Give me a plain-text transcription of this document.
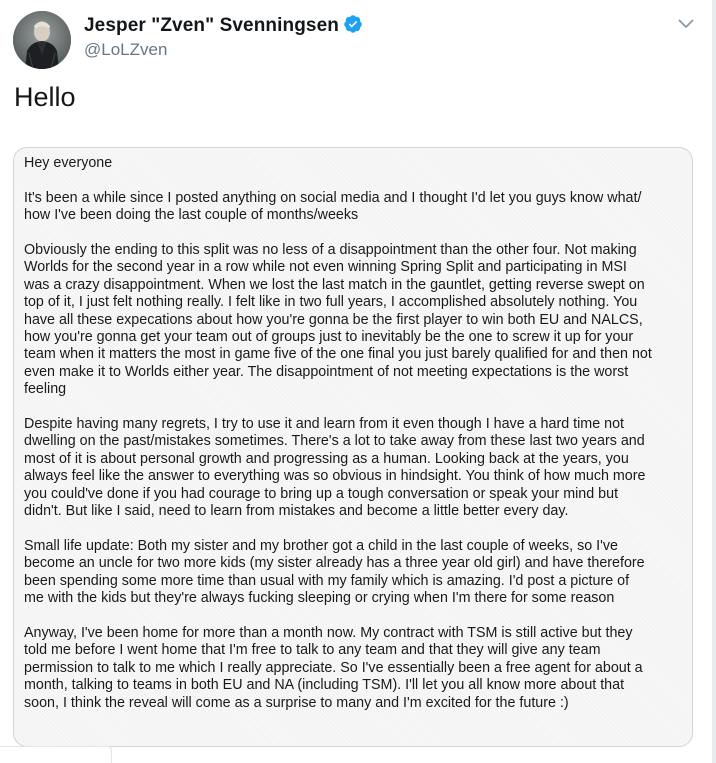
Jesper "Zven" Svenningsen
@LoLZven
Hello

Hey everyone

It's been a while since I posted anything on social media and I thought I'd let you guys know what/
how I've been doing the last couple of months/weeks

Obviously the ending to this split was no less of a disappointment than the other four. Not making
Worlds for the second year in a row while not even winning Spring Split and participating in MSI
was a crazy disappointment. When we lost the last match in the gauntlet, getting reverse swept on
top of it, I just felt nothing really. I felt like in two full years, I accomplished absolutely nothing. You
have all these expecations about how you're gonna be the first player to win both EU and NALCS,
how you're gonna get your team out of groups just to inevitably be the one to screw it up for your
team when it matters the most in game five of the one final you just barely qualified for and then not
even make it to Worlds either year. The disappointment of not meeting expectations is the worst
feeling

Despite having many regrets, I try to use it and learn from it even though I have a hard time not
dwelling on the past/mistakes sometimes. There's a lot to take away from these last two years and
most of it is about personal growth and progressing as a human. Looking back at the years, you
always feel like the answer to everything was so obvious in hindsight. You think of how much more
you could've done if you had courage to bring up a tough conversation or speak your mind but
didn't. But like I said, need to learn from mistakes and become a little better every day.

Small life update: Both my sister and my brother got a child in the last couple of weeks, so I've
become an uncle for two more kids (my sister already has a three year old girl) and have therefore
been spending some more time than usual with my family which is amazing. I'd post a picture of
me with the kids but they're always fucking sleeping or crying when I'm there for some reason

Anyway, I've been home for more than a month now. My contract with TSM is still active but they
told me before I went home that I'm free to talk to any team and that they will give any team
permission to talk to me which I really appreciate. So I've essentially been a free agent for about a
month, talking to teams in both EU and NA (including TSM). I'll let you all know more about that
soon, I think the reveal will come as a surprise to many and I'm excited for the future :)
